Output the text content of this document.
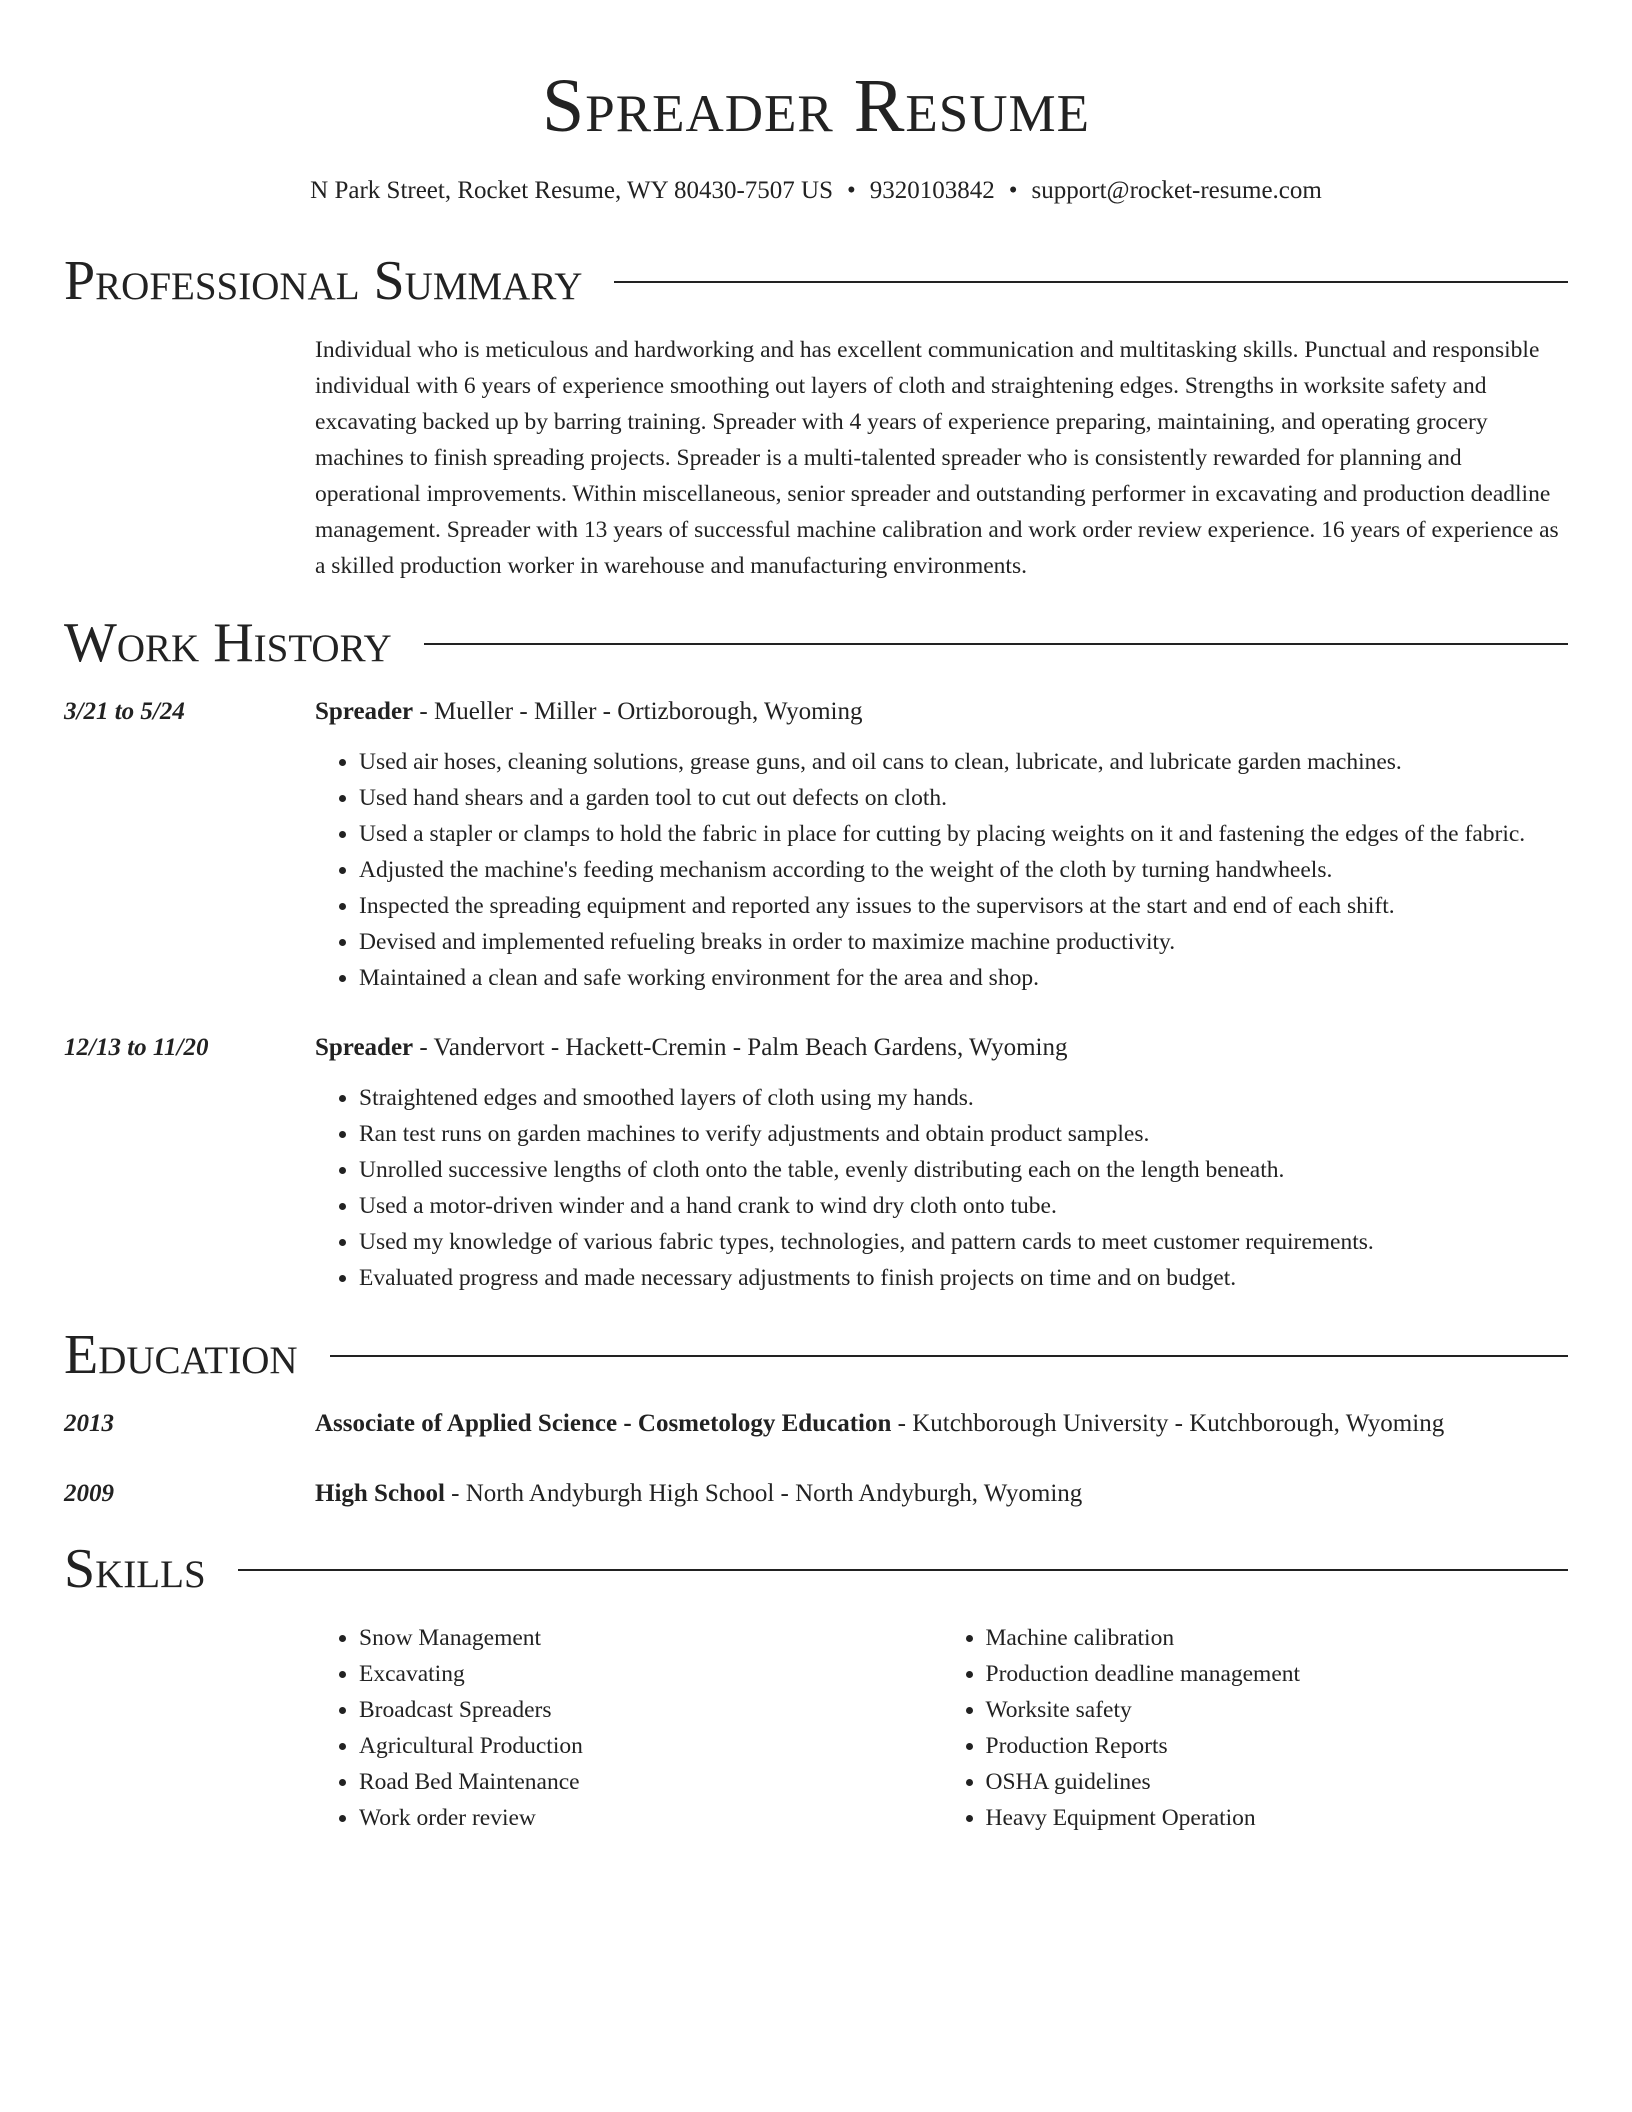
Spreader Resume
N Park Street, Rocket Resume, WY 80430-7507 US • 9320103842 • support@rocket-resume.com
Professional Summary
Individual who is meticulous and hardworking and has excellent communication and multitasking skills. Punctual and responsible individual with 6 years of experience smoothing out layers of cloth and straightening edges. Strengths in worksite safety and excavating backed up by barring training. Spreader with 4 years of experience preparing, maintaining, and operating grocery machines to finish spreading projects. Spreader is a multi-talented spreader who is consistently rewarded for planning and operational improvements. Within miscellaneous, senior spreader and outstanding performer in excavating and production deadline management. Spreader with 13 years of successful machine calibration and work order review experience. 16 years of experience as a skilled production worker in warehouse and manufacturing environments.
Work History
3/21 to 5/24	Spreader - Mueller - Miller - Ortizborough, Wyoming
• Used air hoses, cleaning solutions, grease guns, and oil cans to clean, lubricate, and lubricate garden machines.
• Used hand shears and a garden tool to cut out defects on cloth.
• Used a stapler or clamps to hold the fabric in place for cutting by placing weights on it and fastening the edges of the fabric.
• Adjusted the machine's feeding mechanism according to the weight of the cloth by turning handwheels.
• Inspected the spreading equipment and reported any issues to the supervisors at the start and end of each shift.
• Devised and implemented refueling breaks in order to maximize machine productivity.
• Maintained a clean and safe working environment for the area and shop.
12/13 to 11/20	Spreader - Vandervort - Hackett-Cremin - Palm Beach Gardens, Wyoming
• Straightened edges and smoothed layers of cloth using my hands.
• Ran test runs on garden machines to verify adjustments and obtain product samples.
• Unrolled successive lengths of cloth onto the table, evenly distributing each on the length beneath.
• Used a motor-driven winder and a hand crank to wind dry cloth onto tube.
• Used my knowledge of various fabric types, technologies, and pattern cards to meet customer requirements.
• Evaluated progress and made necessary adjustments to finish projects on time and on budget.
Education
2013	Associate of Applied Science - Cosmetology Education - Kutchborough University - Kutchborough, Wyoming
2009	High School - North Andyburgh High School - North Andyburgh, Wyoming
Skills
• Snow Management
• Excavating
• Broadcast Spreaders
• Agricultural Production
• Road Bed Maintenance
• Work order review
• Machine calibration
• Production deadline management
• Worksite safety
• Production Reports
• OSHA guidelines
• Heavy Equipment Operation
